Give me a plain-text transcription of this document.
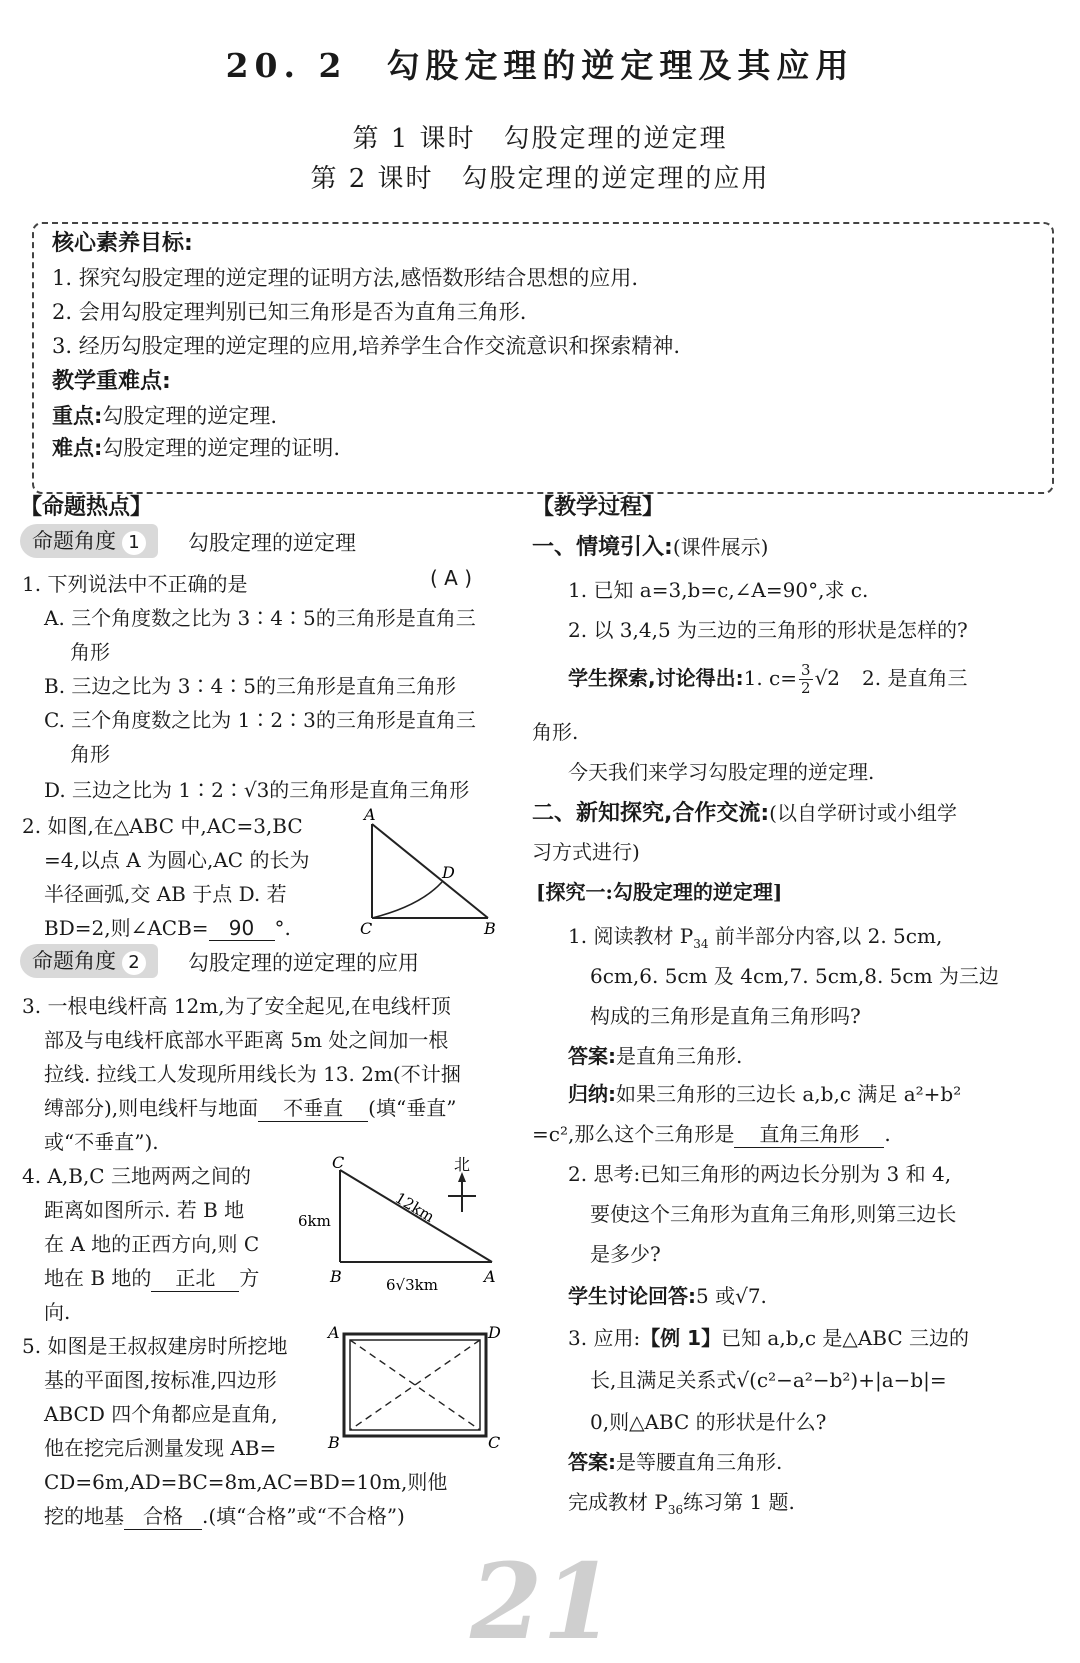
20. 2　勾股定理的逆定理及其应用
第 1 课时　勾股定理的逆定理
第 2 课时　勾股定理的逆定理的应用
核心素养目标:
1. 探究勾股定理的逆定理的证明方法,感悟数形结合思想的应用.
2. 会用勾股定理判别已知三角形是否为直角三角形.
3. 经历勾股定理的逆定理的应用,培养学生合作交流意识和探索精神.
教学重难点:
重点:勾股定理的逆定理.
难点:勾股定理的逆定理的证明.
【命题热点】
命题角度 1	勾股定理的逆定理
1. 下列说法中不正确的是	( A )
A. 三个角度数之比为 3∶4∶5的三角形是直角三
角形
B. 三边之比为 3∶4∶5的三角形是直角三角形
C. 三个角度数之比为 1∶2∶3的三角形是直角三
角形
D. 三边之比为 1∶2∶√3的三角形是直角三角形
2. 如图,在△ABC 中,AC=3,BC
=4,以点 A 为圆心,AC 的长为
半径画弧,交 AB 于点 D. 若
BD=2,则∠ACB= 90 °.
A
C	B
D
命题角度 2	勾股定理的逆定理的应用
3. 一根电线杆高 12m,为了安全起见,在电线杆顶
部及与电线杆底部水平距离 5m 处之间加一根
拉线. 拉线工人发现所用线长为 13. 2m(不计捆
缚部分),则电线杆与地面 不垂直 (填“垂直”
或“不垂直”).
4. A,B,C 三地两两之间的
距离如图所示. 若 B 地
在 A 地的正西方向,则 C
地在 B 地的 正北 方
向.
C
B	A
北
6km	12km
6√3km
5. 如图是王叔叔建房时所挖地
基的平面图,按标准,四边形
ABCD 四个角都应是直角,
他在挖完后测量发现 AB=
CD=6m,AD=BC=8m,AC=BD=10m,则他
挖的地基 合格 .(填“合格”或“不合格”)
A	D
B	C
21
【教学过程】
一、情境引入:(课件展示)
1. 已知 a=3,b=c,∠A=90°,求 c.
2. 以 3,4,5 为三边的三角形的形状是怎样的?
学生探索,讨论得出:1. $c= \frac{3}{2} √2$ 2. 是直角三
角形.
今天我们来学习勾股定理的逆定理.
二、新知探究,合作交流:(以自学研讨或小组学
习方式进行)
[探究一:勾股定理的逆定理]
1. 阅读教材 $P_{34}$ 前半部分内容,以 2. 5cm,
6cm,6. 5cm 及 4cm,7. 5cm,8. 5cm 为三边
构成的三角形是直角三角形吗?
答案:是直角三角形.
归纳:如果三角形的三边长 a,b,c 满足 a²+b²
=c²,那么这个三角形是 直角三角形 .
2. 思考:已知三角形的两边长分别为 3 和 4,
要使这个三角形为直角三角形,则第三边长
是多少?
学生讨论回答:5 或√7.
3. 应用:【例 1】已知 a,b,c 是△ABC 三边的
长,且满足关系式√(c²−a²−b²)+|a−b|=
0,则△ABC 的形状是什么?
答案:是等腰直角三角形.
完成教材 $P_{36}$练习第 1 题.
